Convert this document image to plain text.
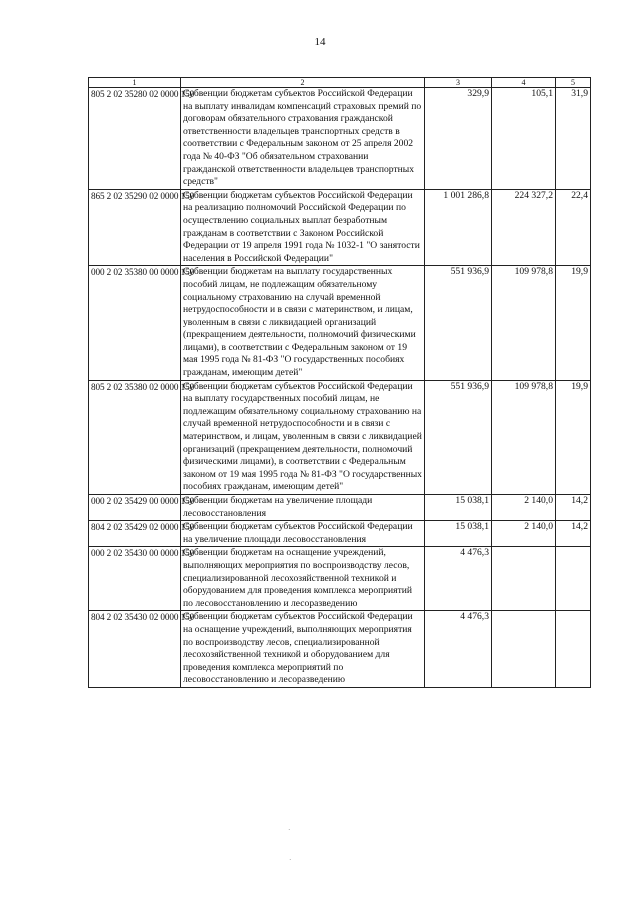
14
1	2	3	4	5
805 2 02 35280 02 0000 150	Субвенции бюджетам субъектов Российской Федерации на выплату инвалидам компенсаций страховых премий по договорам обязательного страхования гражданской ответственности владельцев транспортных средств в соответствии с Федеральным законом от 25 апреля 2002 года № 40-ФЗ "Об обязательном страховании гражданской ответственности владельцев транспортных средств"	329,9	105,1	31,9
865 2 02 35290 02 0000 150	Субвенции бюджетам субъектов Российской Федерации на реализацию полномочий Российской Федерации по осуществлению социальных выплат безработным гражданам в соответствии с Законом Российской Федерации от 19 апреля 1991 года № 1032-1 "О занятости населения в Российской Федерации"	1 001 286,8	224 327,2	22,4
000 2 02 35380 00 0000 150	Субвенции бюджетам на выплату государственных пособий лицам, не подлежащим обязательному социальному страхованию на случай временной нетрудоспособности и в связи с материнством, и лицам, уволенным в связи с ликвидацией организаций (прекращением деятельности, полномочий физическими лицами), в соответствии с Федеральным законом от 19 мая 1995 года № 81-ФЗ "О государственных пособиях гражданам, имеющим детей"	551 936,9	109 978,8	19,9
805 2 02 35380 02 0000 150	Субвенции бюджетам субъектов Российской Федерации на выплату государственных пособий лицам, не подлежащим обязательному социальному страхованию на случай временной нетрудоспособности и в связи с материнством, и лицам, уволенным в связи с ликвидацией организаций (прекращением деятельности, полномочий физическими лицами), в соответствии с Федеральным законом от 19 мая 1995 года № 81-ФЗ "О государственных пособиях гражданам, имеющим детей"	551 936,9	109 978,8	19,9
000 2 02 35429 00 0000 150	Субвенции бюджетам на увеличение площади лесовосстановления	15 038,1	2 140,0	14,2
804 2 02 35429 02 0000 150	Субвенции бюджетам субъектов Российской Федерации на увеличение площади лесовосстановления	15 038,1	2 140,0	14,2
000 2 02 35430 00 0000 150	Субвенции бюджетам на оснащение учреждений, выполняющих мероприятия по воспроизводству лесов, специализированной лесохозяйственной техникой и оборудованием для проведения комплекса мероприятий по лесовосстановлению и лесоразведению	4 476,3		
804 2 02 35430 02 0000 150	Субвенции бюджетам субъектов Российской Федерации на оснащение учреждений, выполняющих мероприятия по воспроизводству лесов, специализированной лесохозяйственной техникой и оборудованием для проведения комплекса мероприятий по лесовосстановлению и лесоразведению	4 476,3		
˙
˙
